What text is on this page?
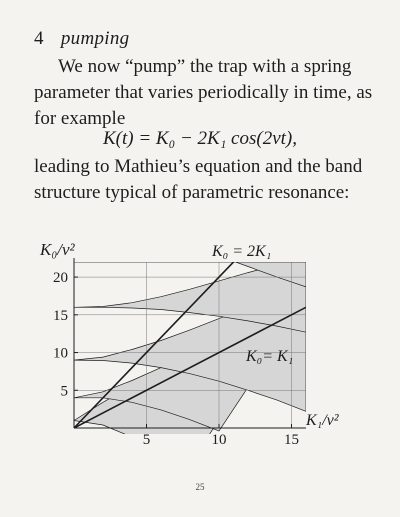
4 pumping
We now “pump” the trap with a spring
parameter that varies periodically in time, as
for example
K(t) = K₀ − 2K₁ cos(2νt),
leading to Mathieu’s equation and the band
structure typical of parametric resonance:
5	10	15
5
10
15
20
K₀/ν²
K₁/ν²
K₀ = 2K₁
K₀= K₁
25
